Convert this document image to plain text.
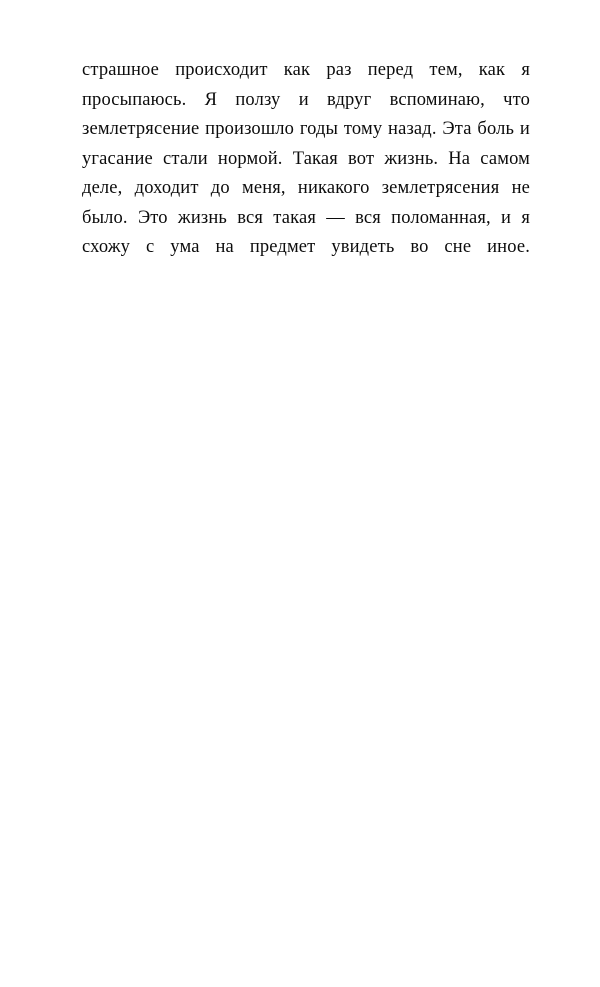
страшное происходит как раз перед тем, как я просыпаюсь. Я ползу и вдруг вспоминаю, что землетрясение произошло годы тому назад. Эта боль и угасание стали нормой. Такая вот жизнь. На самом деле, доходит до меня, никакого землетрясения не было. Это жизнь вся такая — вся поломанная, и я схожу с ума на предмет увидеть во сне иное.
